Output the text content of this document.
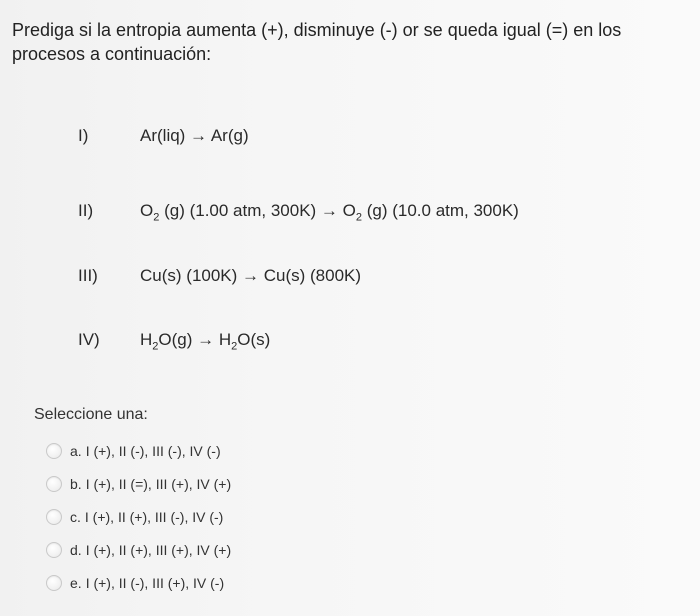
Prediga si la entropia aumenta (+), disminuye (-) or se queda igual (=) en los procesos a continuación:
I)	Ar(liq) → Ar(g)
II)	$O_2$ (g) (1.00 atm, $300K) \to O_2$ (g) (10.0 atm, 300K)
III) Cu(s) (100K) → Cu(s) (800K)
IV) $H_2O(g) \to H_2O(s)$
Seleccione una:
a. I (+), II (-), III (-), IV (-)
b. I (+), II (=), III (+), IV (+)
c. I (+), II (+), III (-), IV (-)
d. I (+), II (+), III (+), IV (+)
e. I (+), II (-), III (+), IV (-)
